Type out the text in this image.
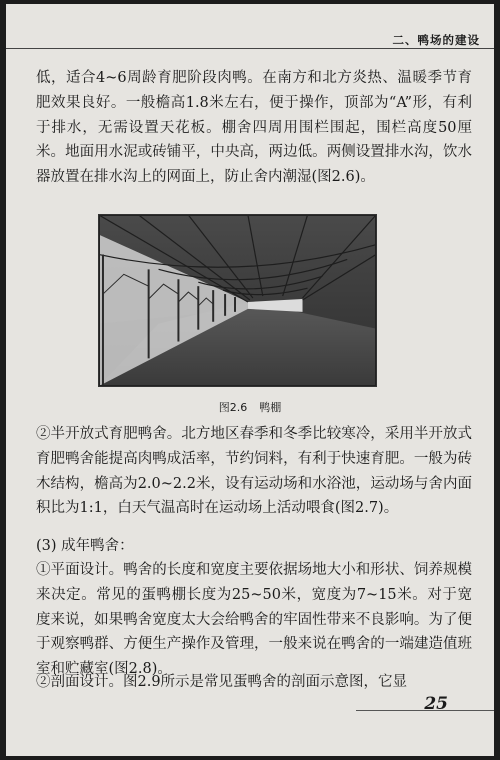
二、鸭场的建设

低，适合4~6周龄育肥阶段肉鸭。在南方和北方炎热、温暖季节育肥效果良好。一般檐高1.8米左右，便于操作，顶部为“A”形，有利于排水，无需设置天花板。棚舍四周用围栏围起，围栏高度50厘米。地面用水泥或砖铺平，中央高，两边低。两侧设置排水沟，饮水器放置在排水沟上的网面上，防止舍内潮湿(图2.6)。

图2.6 鸭棚

②半开放式育肥鸭舍。北方地区春季和冬季比较寒冷，采用半开放式育肥鸭舍能提高肉鸭成活率，节约饲料，有利于快速育肥。一般为砖木结构，檐高为2.0~2.2米，设有运动场和水浴池，运动场与舍内面积比为1:1，白天气温高时在运动场上活动喂食(图2.7)。

(3) 成年鸭舍：

①平面设计。鸭舍的长度和宽度主要依据场地大小和形状、饲养规模来决定。常见的蛋鸭棚长度为25~50米，宽度为7~15米。对于宽度来说，如果鸭舍宽度太大会给鸭舍的牢固性带来不良影响。为了便于观察鸭群、方便生产操作及管理，一般来说在鸭舍的一端建造值班室和贮藏室(图2.8)。

②剖面设计。图2.9所示是常见蛋鸭舍的剖面示意图，它显

25
